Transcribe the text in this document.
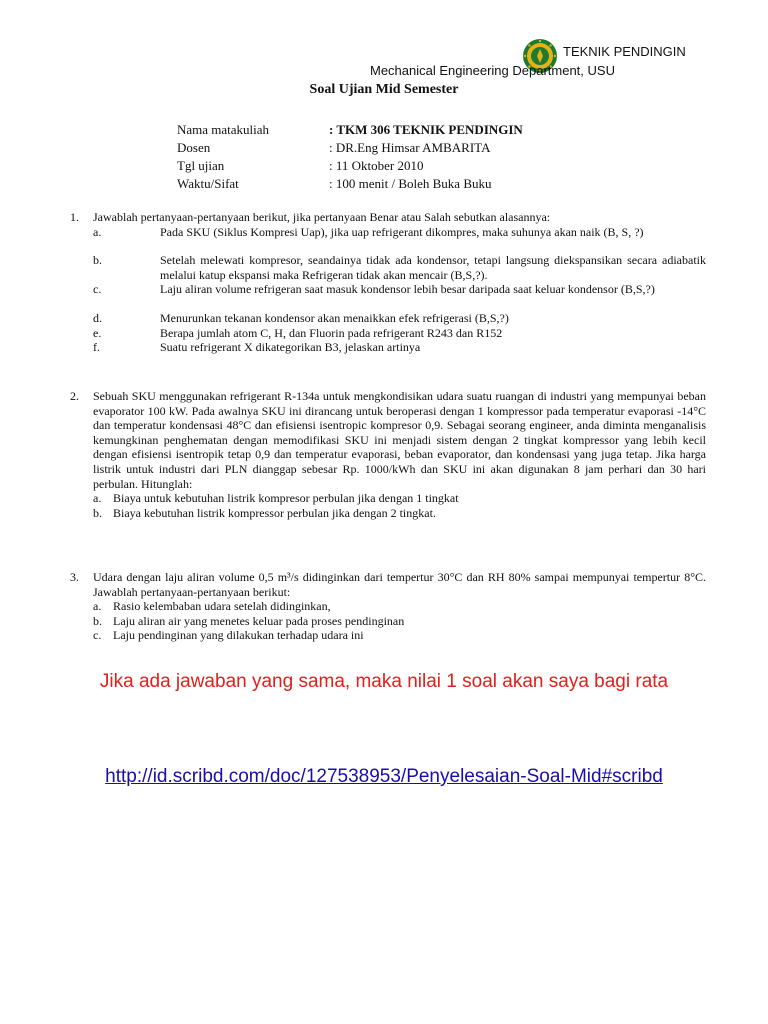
TEKNIK PENDINGIN
Mechanical Engineering Department, USU
Soal Ujian Mid Semester
Nama matakuliah	: TKM 306 TEKNIK PENDINGIN
Dosen	: DR.Eng Himsar AMBARITA
Tgl ujian	: 11 Oktober 2010
Waktu/Sifat	: 100 menit / Boleh Buka Buku
1. Jawablah pertanyaan-pertanyaan berikut, jika pertanyaan Benar atau Salah sebutkan alasannya:
a.	Pada SKU (Siklus Kompresi Uap), jika uap refrigerant dikompres, maka suhunya akan naik (B, S, ?)
b.	Setelah melewati kompresor, seandainya tidak ada kondensor, tetapi langsung diekspansikan secara adiabatik melalui katup ekspansi maka Refrigeran tidak akan mencair (B,S,?).
c.	Laju aliran volume refrigeran saat masuk kondensor lebih besar daripada saat keluar kondensor (B,S,?)
d.	Menurunkan tekanan kondensor akan menaikkan efek refrigerasi (B,S,?)
e.	Berapa jumlah atom C, H, dan Fluorin pada refrigerant R243 dan R152
f.	Suatu refrigerant X dikategorikan B3, jelaskan artinya
2. Sebuah SKU menggunakan refrigerant R-134a untuk mengkondisikan udara suatu ruangan di industri yang mempunyai beban evaporator 100 kW. Pada awalnya SKU ini dirancang untuk beroperasi dengan 1 kompressor pada temperatur evaporasi -14°C dan temperatur kondensasi 48°C dan efisiensi isentropic kompresor 0,9. Sebagai seorang engineer, anda diminta menganalisis kemungkinan penghematan dengan memodifikasi SKU ini menjadi sistem dengan 2 tingkat kompressor yang lebih kecil dengan efisiensi isentropik tetap 0,9 dan temperatur evaporasi, beban evaporator, dan kondensasi yang juga tetap. Jika harga listrik untuk industri dari PLN dianggap sebesar Rp. 1000/kWh dan SKU ini akan digunakan 8 jam perhari dan 30 hari perbulan. Hitunglah:
a. Biaya untuk kebutuhan listrik kompresor perbulan jika dengan 1 tingkat
b. Biaya kebutuhan listrik kompressor perbulan jika dengan 2 tingkat.
3. Udara dengan laju aliran volume 0,5 m³/s didinginkan dari tempertur 30°C dan RH 80% sampai mempunyai tempertur 8°C. Jawablah pertanyaan-pertanyaan berikut:
a. Rasio kelembaban udara setelah didinginkan,
b. Laju aliran air yang menetes keluar pada proses pendinginan
c. Laju pendinginan yang dilakukan terhadap udara ini
Jika ada jawaban yang sama, maka nilai 1 soal akan saya bagi rata
http://id.scribd.com/doc/127538953/Penyelesaian-Soal-Mid#scribd
